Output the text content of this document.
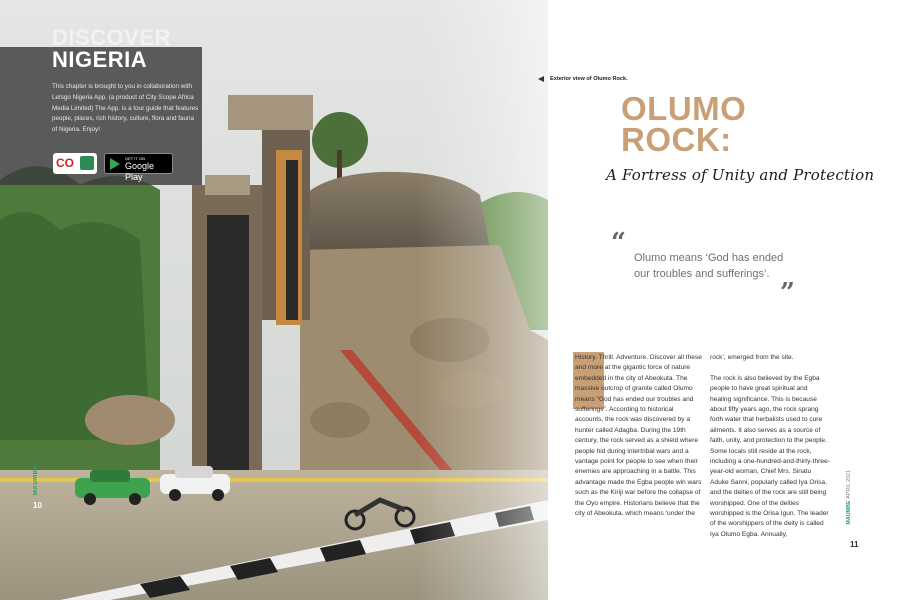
DISCOVER
NIGERIA

This chapter is brought to you in collaboration with Letsgo Nigeria App. (a product of City Scope Africa Media Limited) The App. is a tour guide that features people, places, rich history, culture, flora and fauna of Nigeria. Enjoy!

CO	GET IT ON
Google Play
MAUMBE
10
Exterior view of Olumo Rock.
OLUMO
ROCK:
A Fortress of Unity and Protection
“ Olumo means ‘God has ended our troubles and sufferings’.

”

History. Thrill. Adventure. Discover all these and more at the gigantic force of nature embedded in the city of Abeokuta. The massive outcrop of granite called Olumo means “God has ended our troubles and sufferings”. According to historical accounts, the rock was discovered by a hunter called Adagba. During the 19th century, the rock served as a shield where people hid during intertribal wars and a vantage point for people to see when their enemies are approaching in a battle. This advantage made the Egba people win wars such as the Kiriji war before the collapse of the Oyo empire. Historians believe that the city of Abeokuta, which means ‘under the

rock’, emerged from the site.

The rock is also believed by the Egba people to have great spiritual and healing significance. This is because about fifty years ago, the rock sprang forth water that herbalists used to cure ailments. It also serves as a source of faith, unity, and protection to the people. Some locals still reside at the rock, including a one-hundred-and-thirty-three-year-old woman, Chief Mrs. Sinatu Aduke Sanni, popularly called Iya Orisa, and the deities of the rock are still being worshipped. One of the deities worshipped is the Orisa Igun. The leader of the worshippers of the deity is called Iya Olumo Egba. Annually,

MAUMBE APRIL 2021
11
